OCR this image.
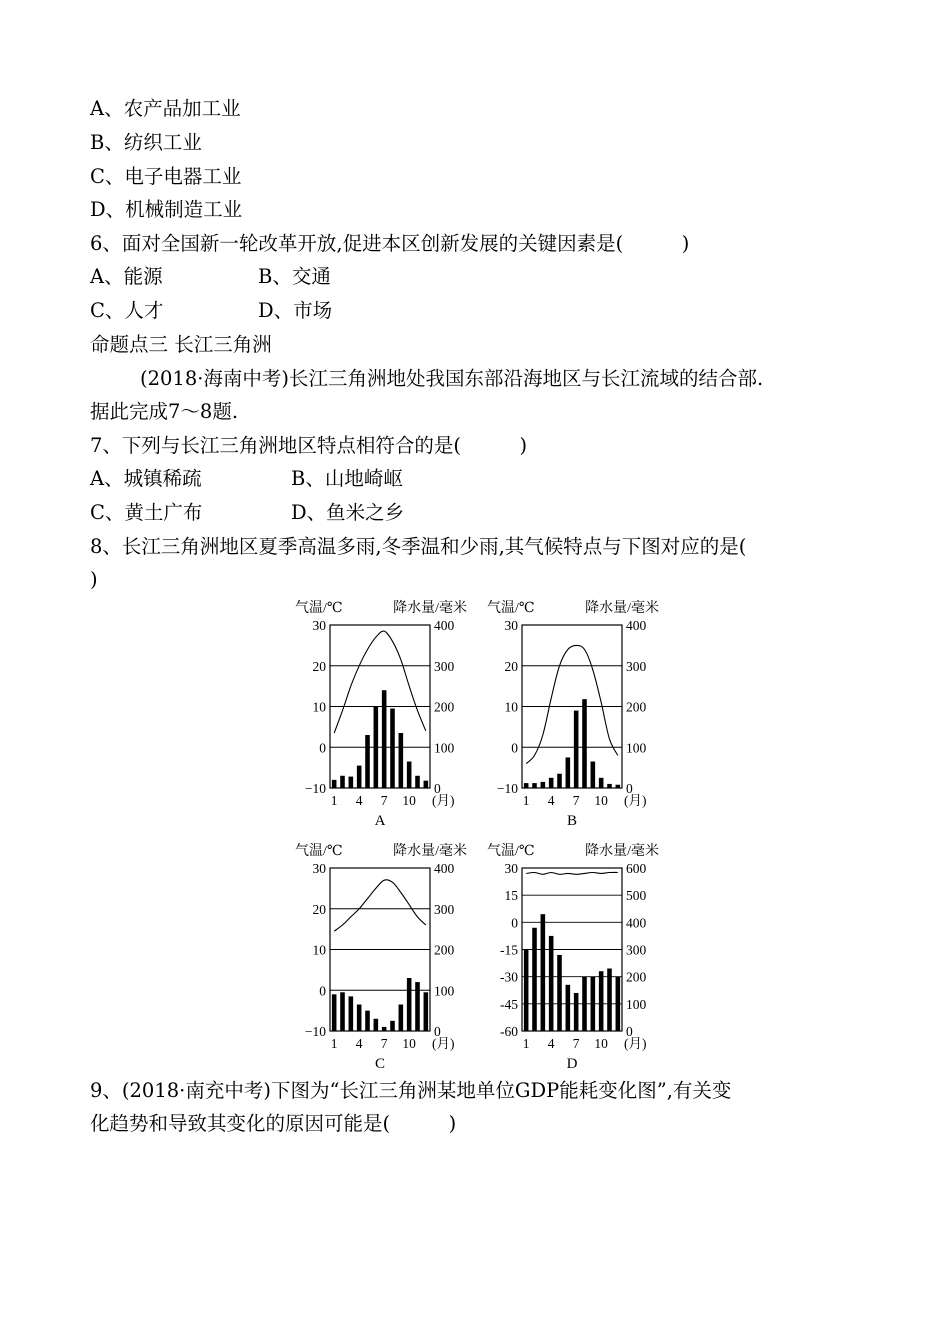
A、农产品加工业
B、纺织工业
C、电子电器工业
D、机械制造工业
6、面对全国新一轮改革开放,促进本区创新发展的关键因素是(　　　)
A、能源	B、交通
C、人才	D、市场
命题点三 长江三角洲
(2018·海南中考)长江三角洲地处我国东部沿海地区与长江流域的结合部.
据此完成7～8题.
7、下列与长江三角洲地区特点相符合的是(　　　)
A、城镇稀疏	B、山地崎岖
C、黄土广布	D、鱼米之乡
8、长江三角洲地区夏季高温多雨,冬季温和少雨,其气候特点与下图对应的是(
)
气温/℃	降水量/毫米
30
20
10
0
−10
400
300
200
100
0
1 4 7 10 (月)
A
气温/℃	降水量/毫米
30
20
10
0
−10
400
300
200
100
0
1 4 7 10 (月)
B
气温/℃	降水量/毫米
30
20
10
0
−10
400
300
200
100
0
1 4 7 10 (月)
C
气温/℃	降水量/毫米
30
15
0
-15
-30
-45
-60
600
500
400
300
200
100
0
1 4 7 10 (月)
D
9、(2018·南充中考)下图为“长江三角洲某地单位GDP能耗变化图”,有关变
化趋势和导致其变化的原因可能是(　　　)
